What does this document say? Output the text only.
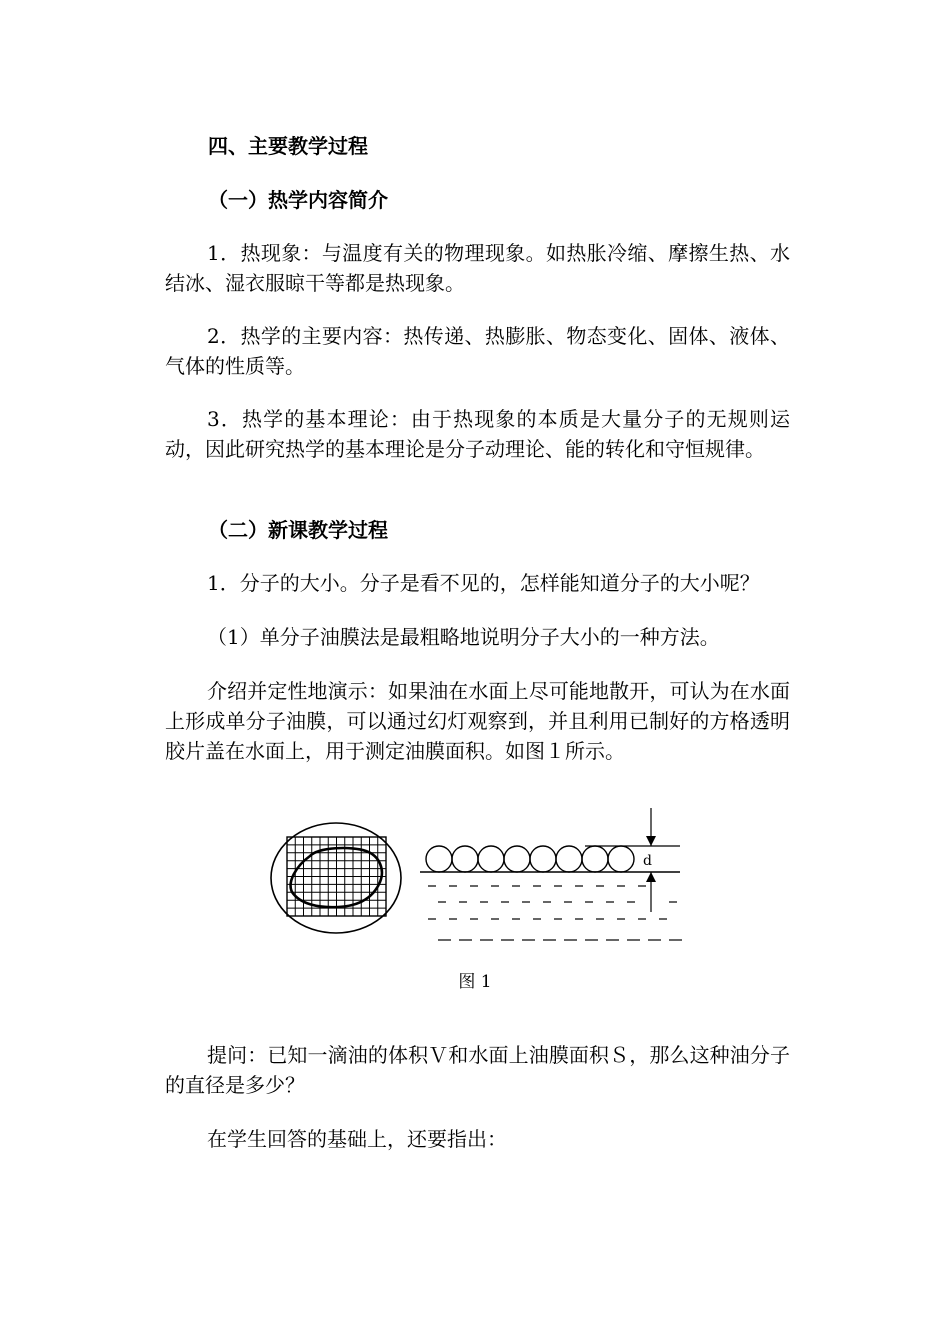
四、主要教学过程
（一）热学内容简介
1．热现象：与温度有关的物理现象。如热胀冷缩、摩擦生热、水结冰、湿衣服晾干等都是热现象。
2．热学的主要内容：热传递、热膨胀、物态变化、固体、液体、气体的性质等。
3．热学的基本理论：由于热现象的本质是大量分子的无规则运动，因此研究热学的基本理论是分子动理论、能的转化和守恒规律。
（二）新课教学过程
1．分子的大小。分子是看不见的，怎样能知道分子的大小呢？
（1）单分子油膜法是最粗略地说明分子大小的一种方法。
介绍并定性地演示：如果油在水面上尽可能地散开，可认为在水面上形成单分子油膜，可以通过幻灯观察到，并且利用已制好的方格透明胶片盖在水面上，用于测定油膜面积。如图１所示。
d
图 1
提问：已知一滴油的体积Ｖ和水面上油膜面积Ｓ，那么这种油分子的直径是多少？
在学生回答的基础上，还要指出：
